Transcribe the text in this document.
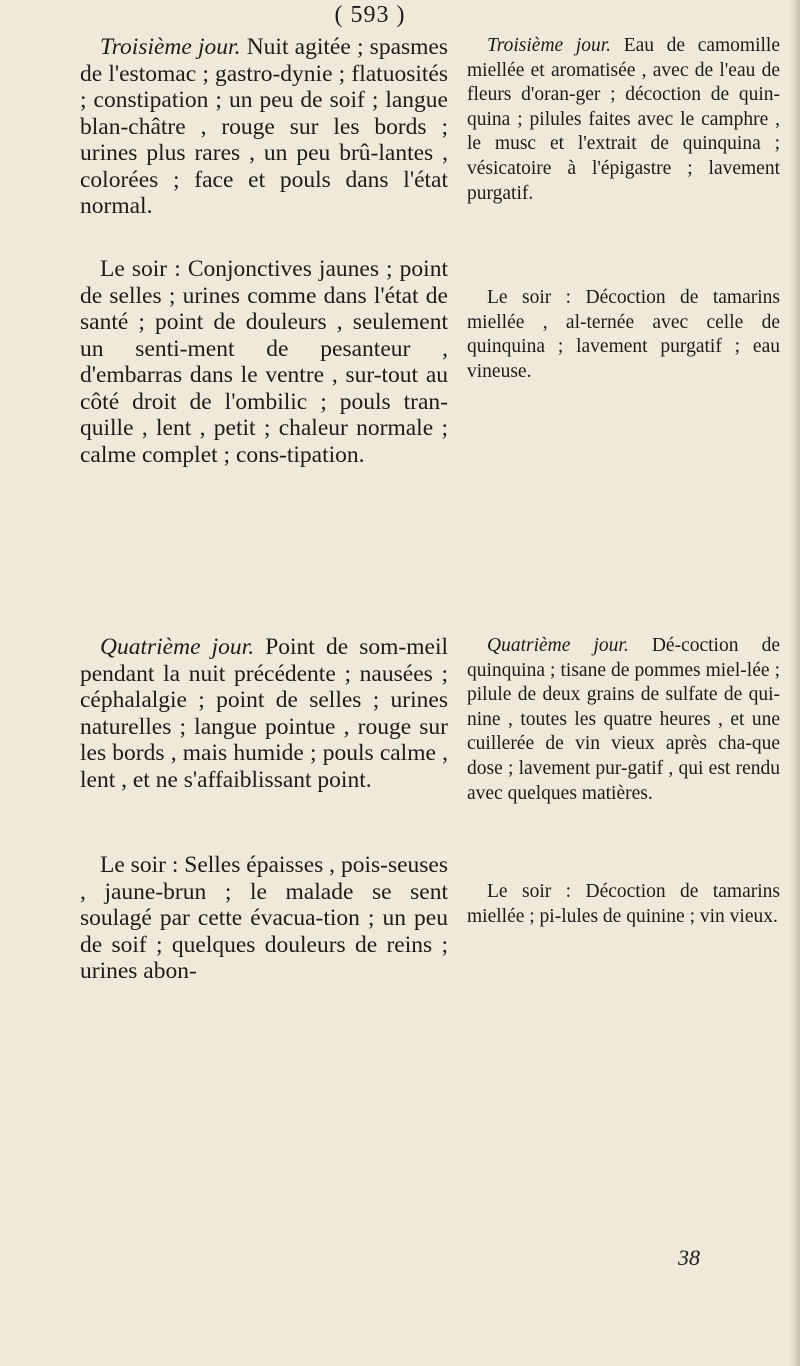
( 593 )

Troisième jour. Nuit agitée ; spasmes de l'estomac ; gastro-dynie ; flatuosités ; constipation ; un peu de soif ; langue blan-châtre , rouge sur les bords ; urines plus rares , un peu brû-lantes , colorées ; face et pouls dans l'état normal.

Le soir : Conjonctives jaunes ; point de selles ; urines comme dans l'état de santé ; point de douleurs , seulement un senti-ment de pesanteur , d'embarras dans le ventre , sur-tout au côté droit de l'ombilic ; pouls tran-quille , lent , petit ; chaleur normale ; calme complet ; cons-tipation.

Quatrième jour. Point de som-meil pendant la nuit précédente ; nausées ; céphalalgie ; point de selles ; urines naturelles ; langue pointue , rouge sur les bords , mais humide ; pouls calme , lent , et ne s'affaiblissant point.

Le soir : Selles épaisses , pois-seuses , jaune-brun ; le malade se sent soulagé par cette évacua-tion ; un peu de soif ; quelques douleurs de reins ; urines abon-

Troisième jour. Eau de camomille miellée et aromatisée , avec de l'eau de fleurs d'oran-ger ; décoction de quin-quina ; pilules faites avec le camphre , le musc et l'extrait de quinquina ; vésicatoire à l'épigastre ; lavement purgatif.

Le soir : Décoction de tamarins miellée , al-ternée avec celle de quinquina ; lavement purgatif ; eau vineuse.

Quatrième jour. Dé-coction de quinquina ; tisane de pommes miel-lée ; pilule de deux grains de sulfate de qui-nine , toutes les quatre heures , et une cuillerée de vin vieux après cha-que dose ; lavement pur-gatif , qui est rendu avec quelques matières.

Le soir : Décoction de tamarins miellée ; pi-lules de quinine ; vin vieux.

38
